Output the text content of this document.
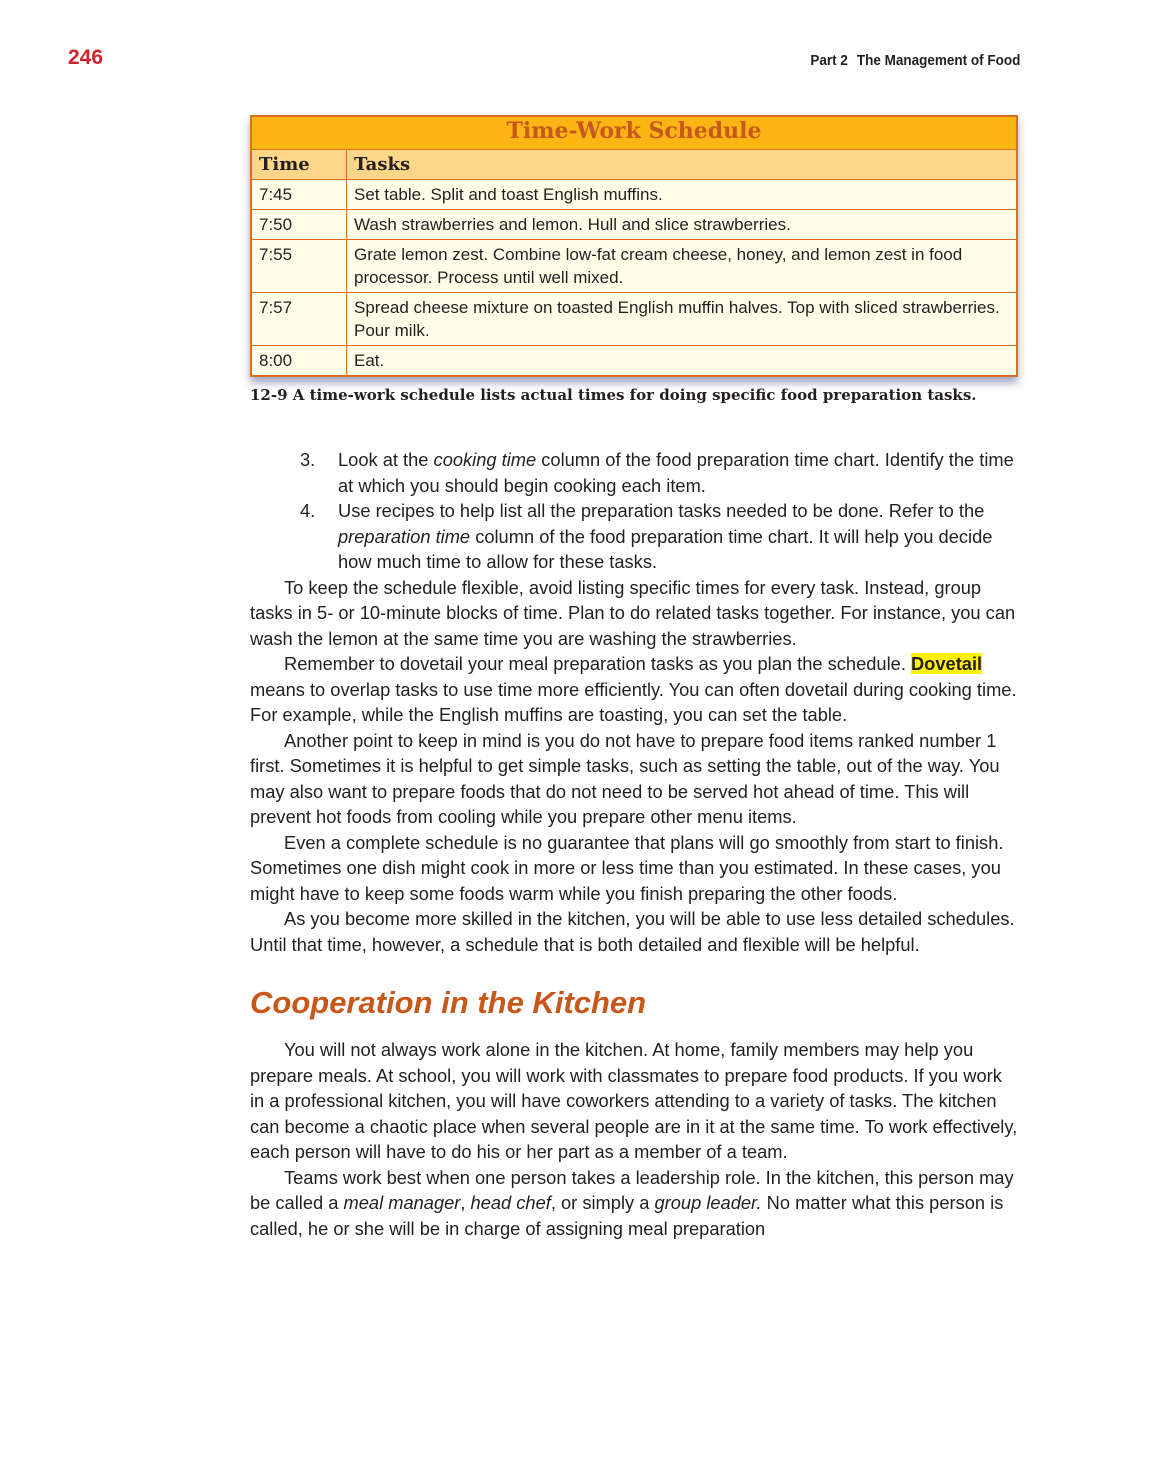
246	Part 2 The Management of Food
Time-Work Schedule	
Time	Tasks
7:45	Set table. Split and toast English muffins.
7:50	Wash strawberries and lemon. Hull and slice strawberries.
7:55	Grate lemon zest. Combine low-fat cream cheese, honey, and lemon zest in food processor. Process until well mixed.
7:57	Spread cheese mixture on toasted English muffin halves. Top with sliced strawberries. Pour milk.
8:00	Eat.
12-9 A time-work schedule lists actual times for doing specific food preparation tasks.

3. Look at the cooking time column of the food preparation time chart. Identify the time at which you should begin cooking each item.

4. Use recipes to help list all the preparation tasks needed to be done. Refer to the preparation time column of the food preparation time chart. It will help you decide how much time to allow for these tasks.

To keep the schedule flexible, avoid listing specific times for every task. Instead, group tasks in 5- or 10-minute blocks of time. Plan to do related tasks together. For instance, you can wash the lemon at the same time you are washing the strawberries.

Remember to dovetail your meal preparation tasks as you plan the schedule. Dovetail means to overlap tasks to use time more efficiently. You can often dovetail during cooking time. For example, while the English muffins are toasting, you can set the table.

Another point to keep in mind is you do not have to prepare food items ranked number 1 first. Sometimes it is helpful to get simple tasks, such as setting the table, out of the way. You may also want to prepare foods that do not need to be served hot ahead of time. This will prevent hot foods from cooling while you prepare other menu items.

Even a complete schedule is no guarantee that plans will go smoothly from start to finish. Sometimes one dish might cook in more or less time than you estimated. In these cases, you might have to keep some foods warm while you finish preparing the other foods.

As you become more skilled in the kitchen, you will be able to use less detailed schedules. Until that time, however, a schedule that is both detailed and flexible will be helpful.

Cooperation in the Kitchen

You will not always work alone in the kitchen. At home, family members may help you prepare meals. At school, you will work with classmates to prepare food products. If you work in a professional kitchen, you will have coworkers attending to a variety of tasks. The kitchen can become a chaotic place when several people are in it at the same time. To work effectively, each person will have to do his or her part as a member of a team.

Teams work best when one person takes a leadership role. In the kitchen, this person may be called a meal manager, head chef, or simply a group leader. No matter what this person is called, he or she will be in charge of assigning meal preparation
